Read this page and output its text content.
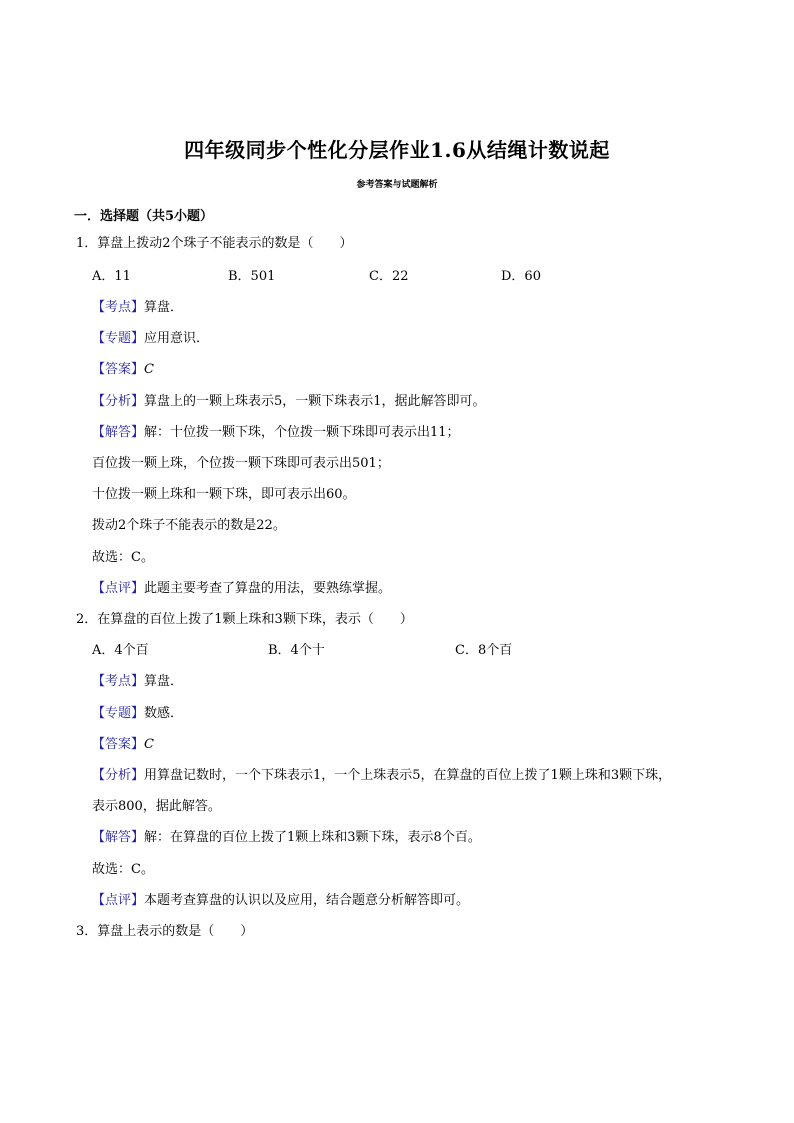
四年级同步个性化分层作业1.6从结绳计数说起
参考答案与试题解析
一．选择题（共5小题）
1．算盘上拨动2个珠子不能表示的数是（　　）
A．11	B．501	C．22	D．60
【考点】算盘．
【专题】应用意识．
【答案】C
【分析】算盘上的一颗上珠表示5，一颗下珠表示1，据此解答即可。
【解答】解：十位拨一颗下珠，个位拨一颗下珠即可表示出11；
百位拨一颗上珠，个位拨一颗下珠即可表示出501；
十位拨一颗上珠和一颗下珠，即可表示出60。
拨动2个珠子不能表示的数是22。
故选：C。
【点评】此题主要考查了算盘的用法，要熟练掌握。
2．在算盘的百位上拨了1颗上珠和3颗下珠，表示（　　）
A．4个百	B．4个十	C．8个百
【考点】算盘．
【专题】数感．
【答案】C
【分析】用算盘记数时，一个下珠表示1，一个上珠表示5，在算盘的百位上拨了1颗上珠和3颗下珠，
表示800，据此解答。
【解答】解：在算盘的百位上拨了1颗上珠和3颗下珠，表示8个百。
故选：C。
【点评】本题考查算盘的认识以及应用，结合题意分析解答即可。
3．算盘上表示的数是（　　）
